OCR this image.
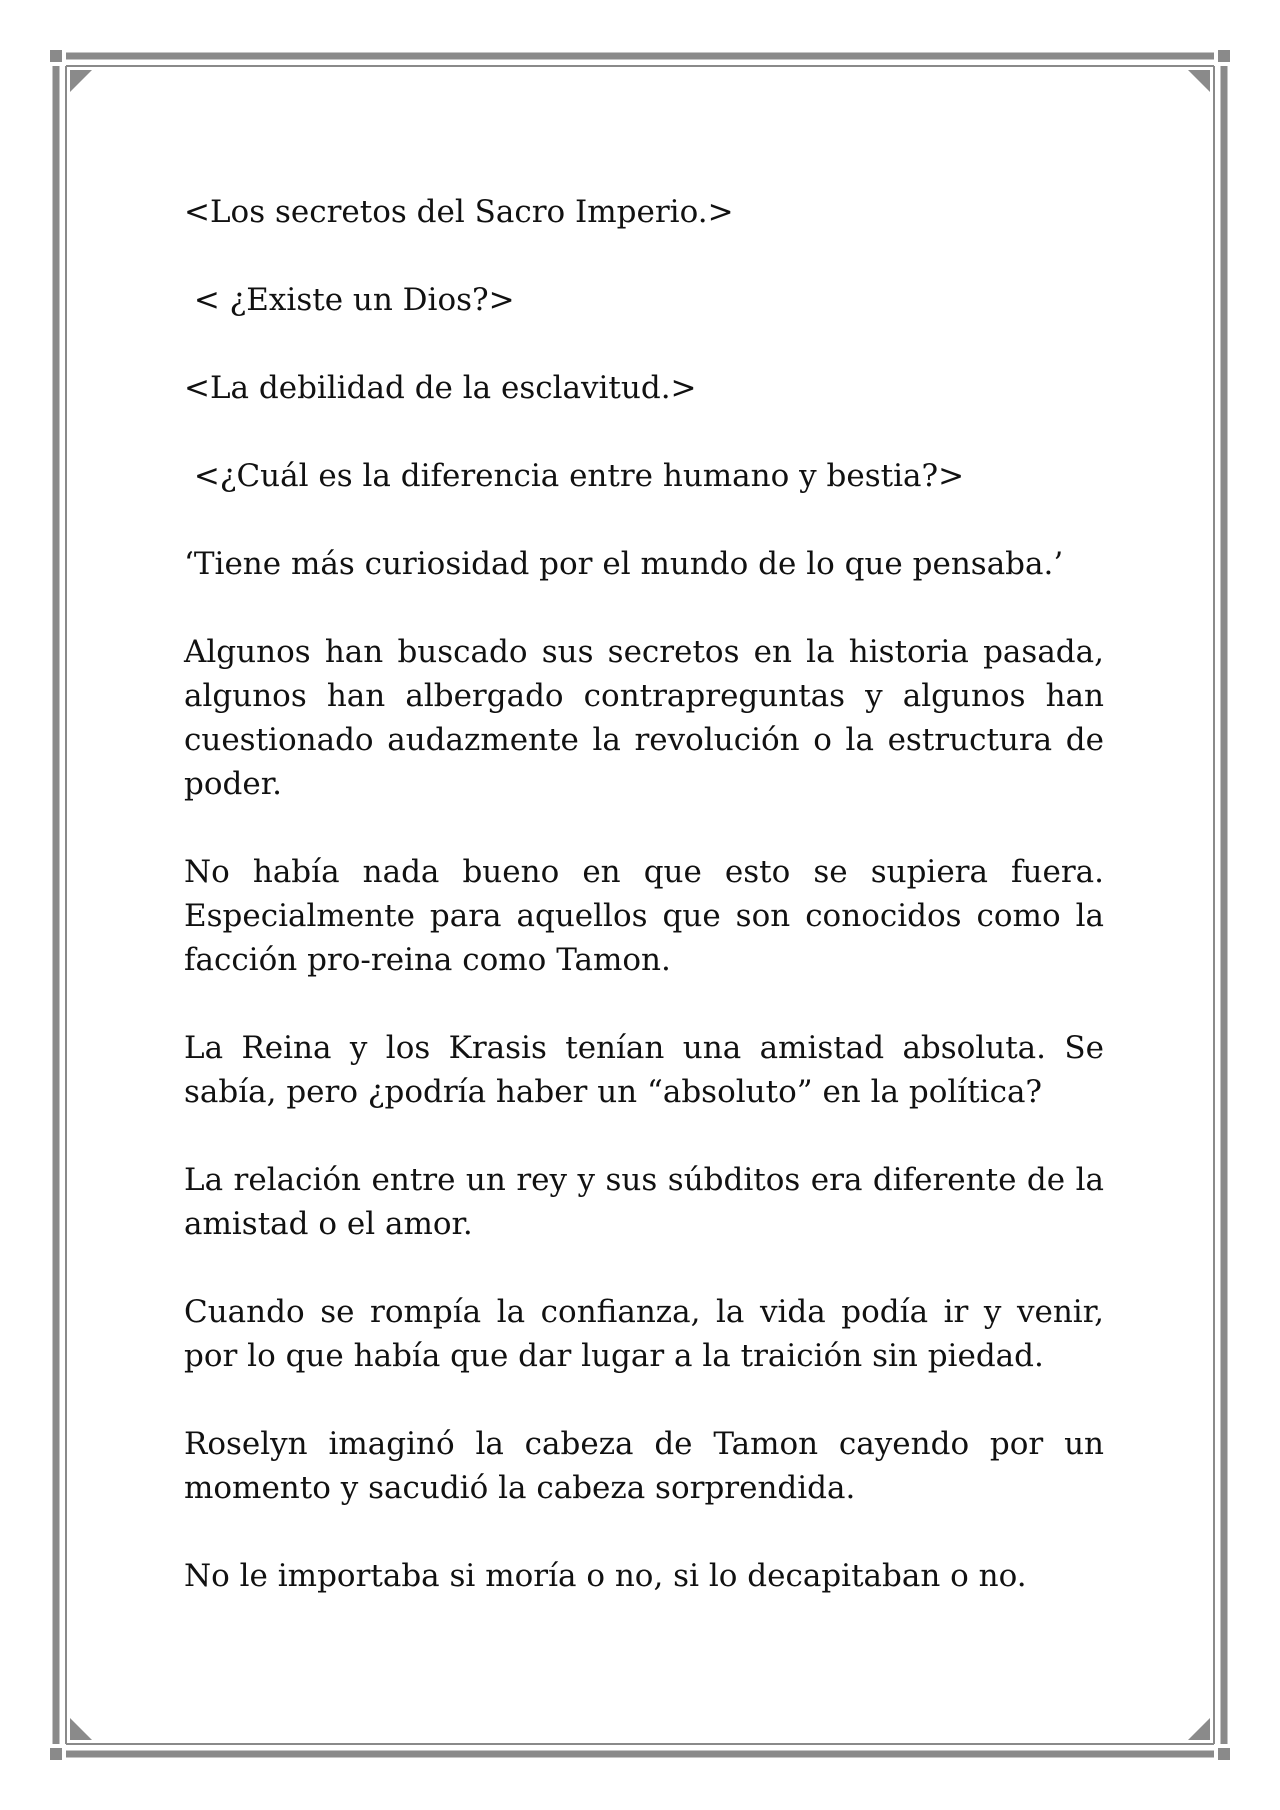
<Los secretos del Sacro Imperio.>

< ¿Existe un Dios?>

<La debilidad de la esclavitud.>

<¿Cuál es la diferencia entre humano y bestia?>

‘Tiene más curiosidad por el mundo de lo que pensaba.’

Algunos han buscado sus secretos en la historia pasada, algunos han albergado contrapreguntas y algunos han cuestionado audazmente la revolución o la estructura de poder.

No había nada bueno en que esto se supiera fuera. Especialmente para aquellos que son conocidos como la facción pro-reina como Tamon.

La Reina y los Krasis tenían una amistad absoluta. Se sabía, pero ¿podría haber un “absoluto” en la política?

La relación entre un rey y sus súbditos era diferente de la amistad o el amor.

Cuando se rompía la confianza, la vida podía ir y venir, por lo que había que dar lugar a la traición sin piedad.

Roselyn imaginó la cabeza de Tamon cayendo por un momento y sacudió la cabeza sorprendida.

No le importaba si moría o no, si lo decapitaban o no.
